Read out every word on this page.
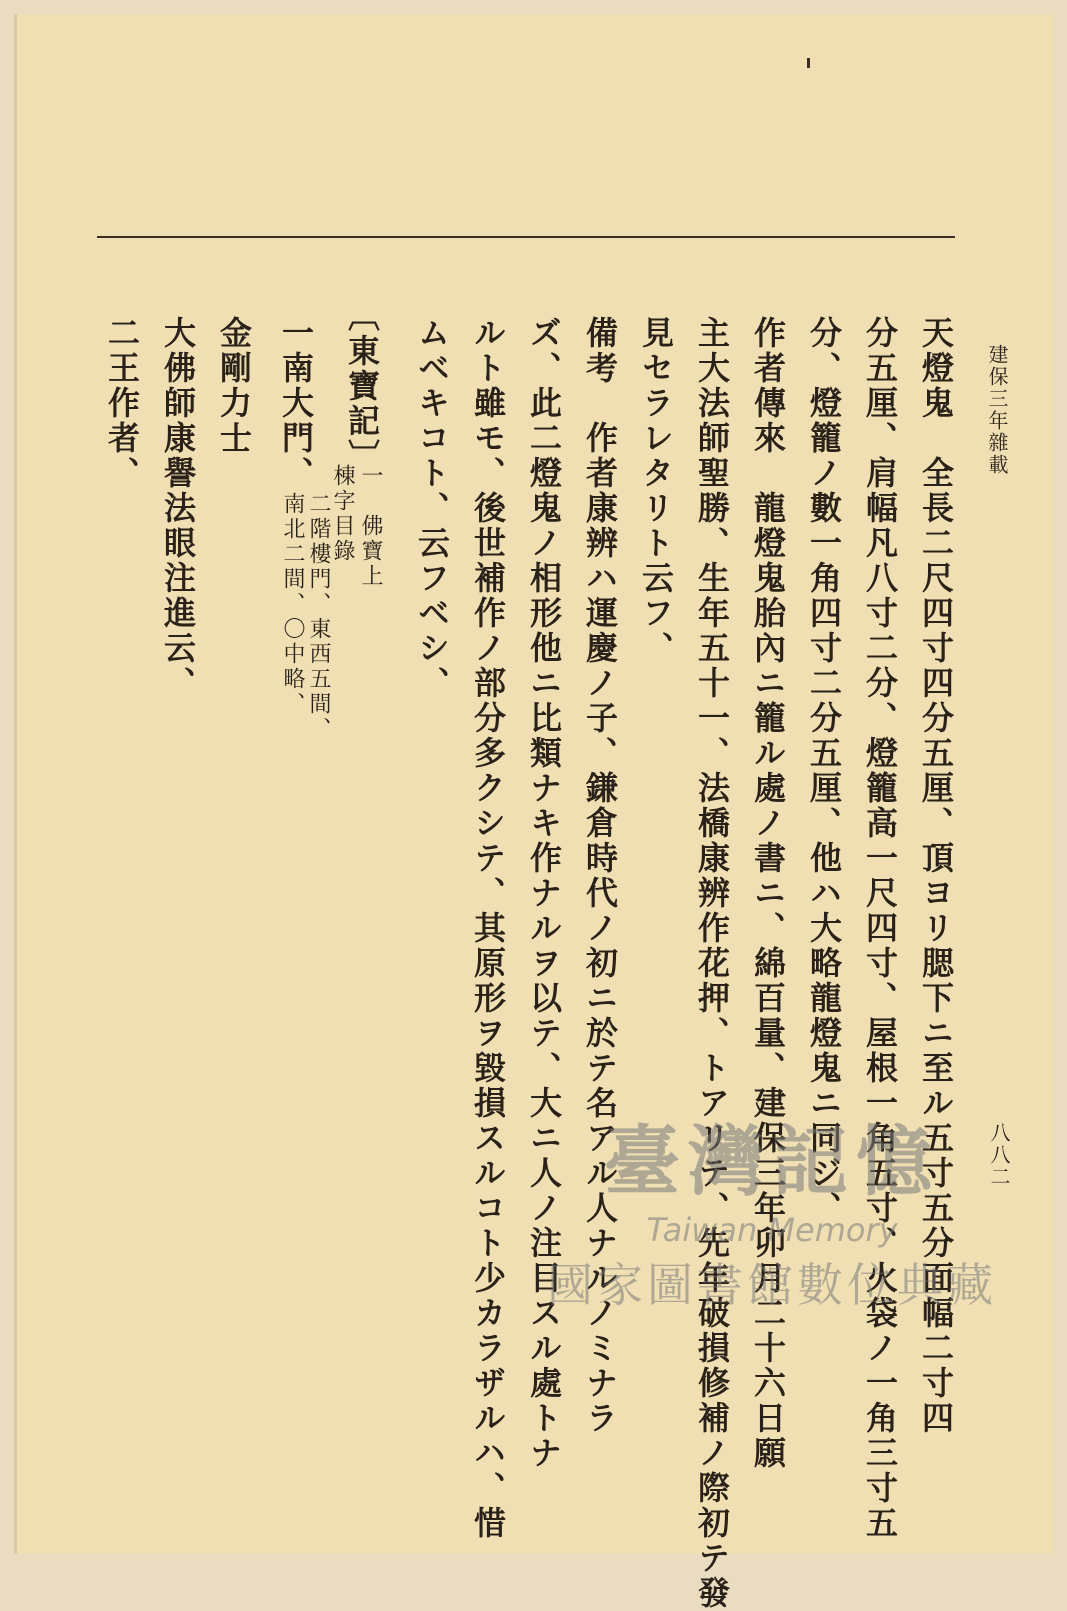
建保三年雜載
八八二
天燈鬼　全長二尺四寸四分五厘、頂ヨリ腮下ニ至ル五寸五分面幅二寸四
分五厘、肩幅凡八寸二分、燈籠高一尺四寸、屋根一角五寸、火袋ノ一角三寸五
分、燈籠ノ數一角四寸二分五厘、他ハ大略龍燈鬼ニ同ジ、
作者傳來　龍燈鬼胎內ニ籠ル處ノ書ニ、綿百量、建保三年卯月二十六日願
主大法師聖勝、生年五十一、法橋康辨作花押、トアリテ、先年破損修補ノ際初テ發
見セラレタリト云フ、
備考　作者康辨ハ運慶ノ子、鎌倉時代ノ初ニ於テ名アル人ナルノミナラ
ズ、此二燈鬼ノ相形他ニ比類ナキ作ナルヲ以テ、大ニ人ノ注目スル處トナ
ルト雖モ、後世補作ノ部分多クシテ、其原形ヲ毀損スルコト少カラザルハ、惜
ムベキコト、云フベシ、
〔東寶記〕
一　佛寶上
棟字目錄
一南大門、
二階樓門、東西五間、
南北二間、〇中略、
金剛力士
大佛師康譽法眼注進云、
二王作者、
臺灣記憶
Taiwan Memory
國家圖書館數位典藏
